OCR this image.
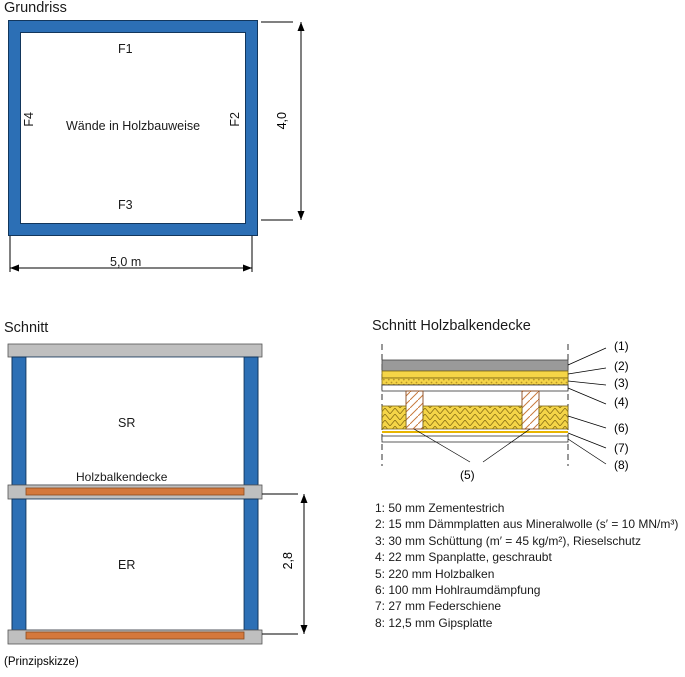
Grundriss
F1
F2
F3
F4 Wände in Holzbauweise	4,0
5,0 m
Schnitt
SR
ER
Holzbalkendecke
2,8
(Prinzipskizze)
Schnitt Holzbalkendecke
(1)
(2)
(3)
(4)
(5)
(6)
(7)
(8)
1: 50 mm Zementestrich
2: 15 mm Dämmplatten aus Mineralwolle (s′ = 10 MN/m³)
3: 30 mm Schüttung (m′ = 45 kg/m²), Rieselschutz
4: 22 mm Spanplatte, geschraubt
5: 220 mm Holzbalken
6: 100 mm Hohlraumdämpfung
7: 27 mm Federschiene
8: 12,5 mm Gipsplatte
